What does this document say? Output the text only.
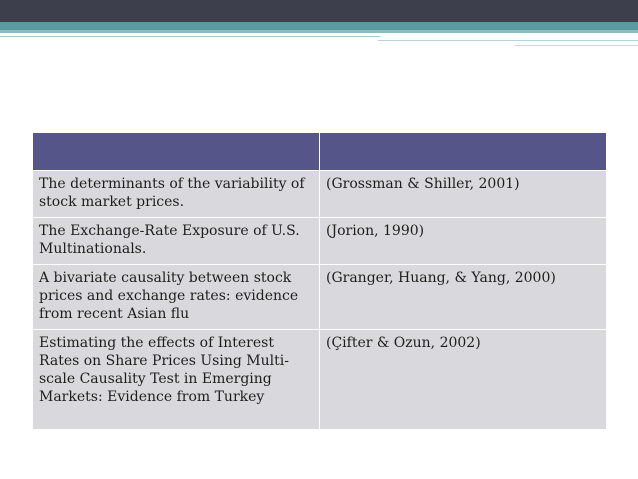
The determinants of the variability of stock market prices.	(Grossman & Shiller, 2001)
The Exchange-Rate Exposure of U.S. Multinationals.	(Jorion, 1990)
A bivariate causality between stock prices and exchange rates: evidence from recent Asian flu	(Granger, Huang, & Yang, 2000)
Estimating the effects of Interest Rates on Share Prices Using Multi-scale Causality Test in Emerging Markets: Evidence from Turkey	(Çifter & Ozun, 2002)
